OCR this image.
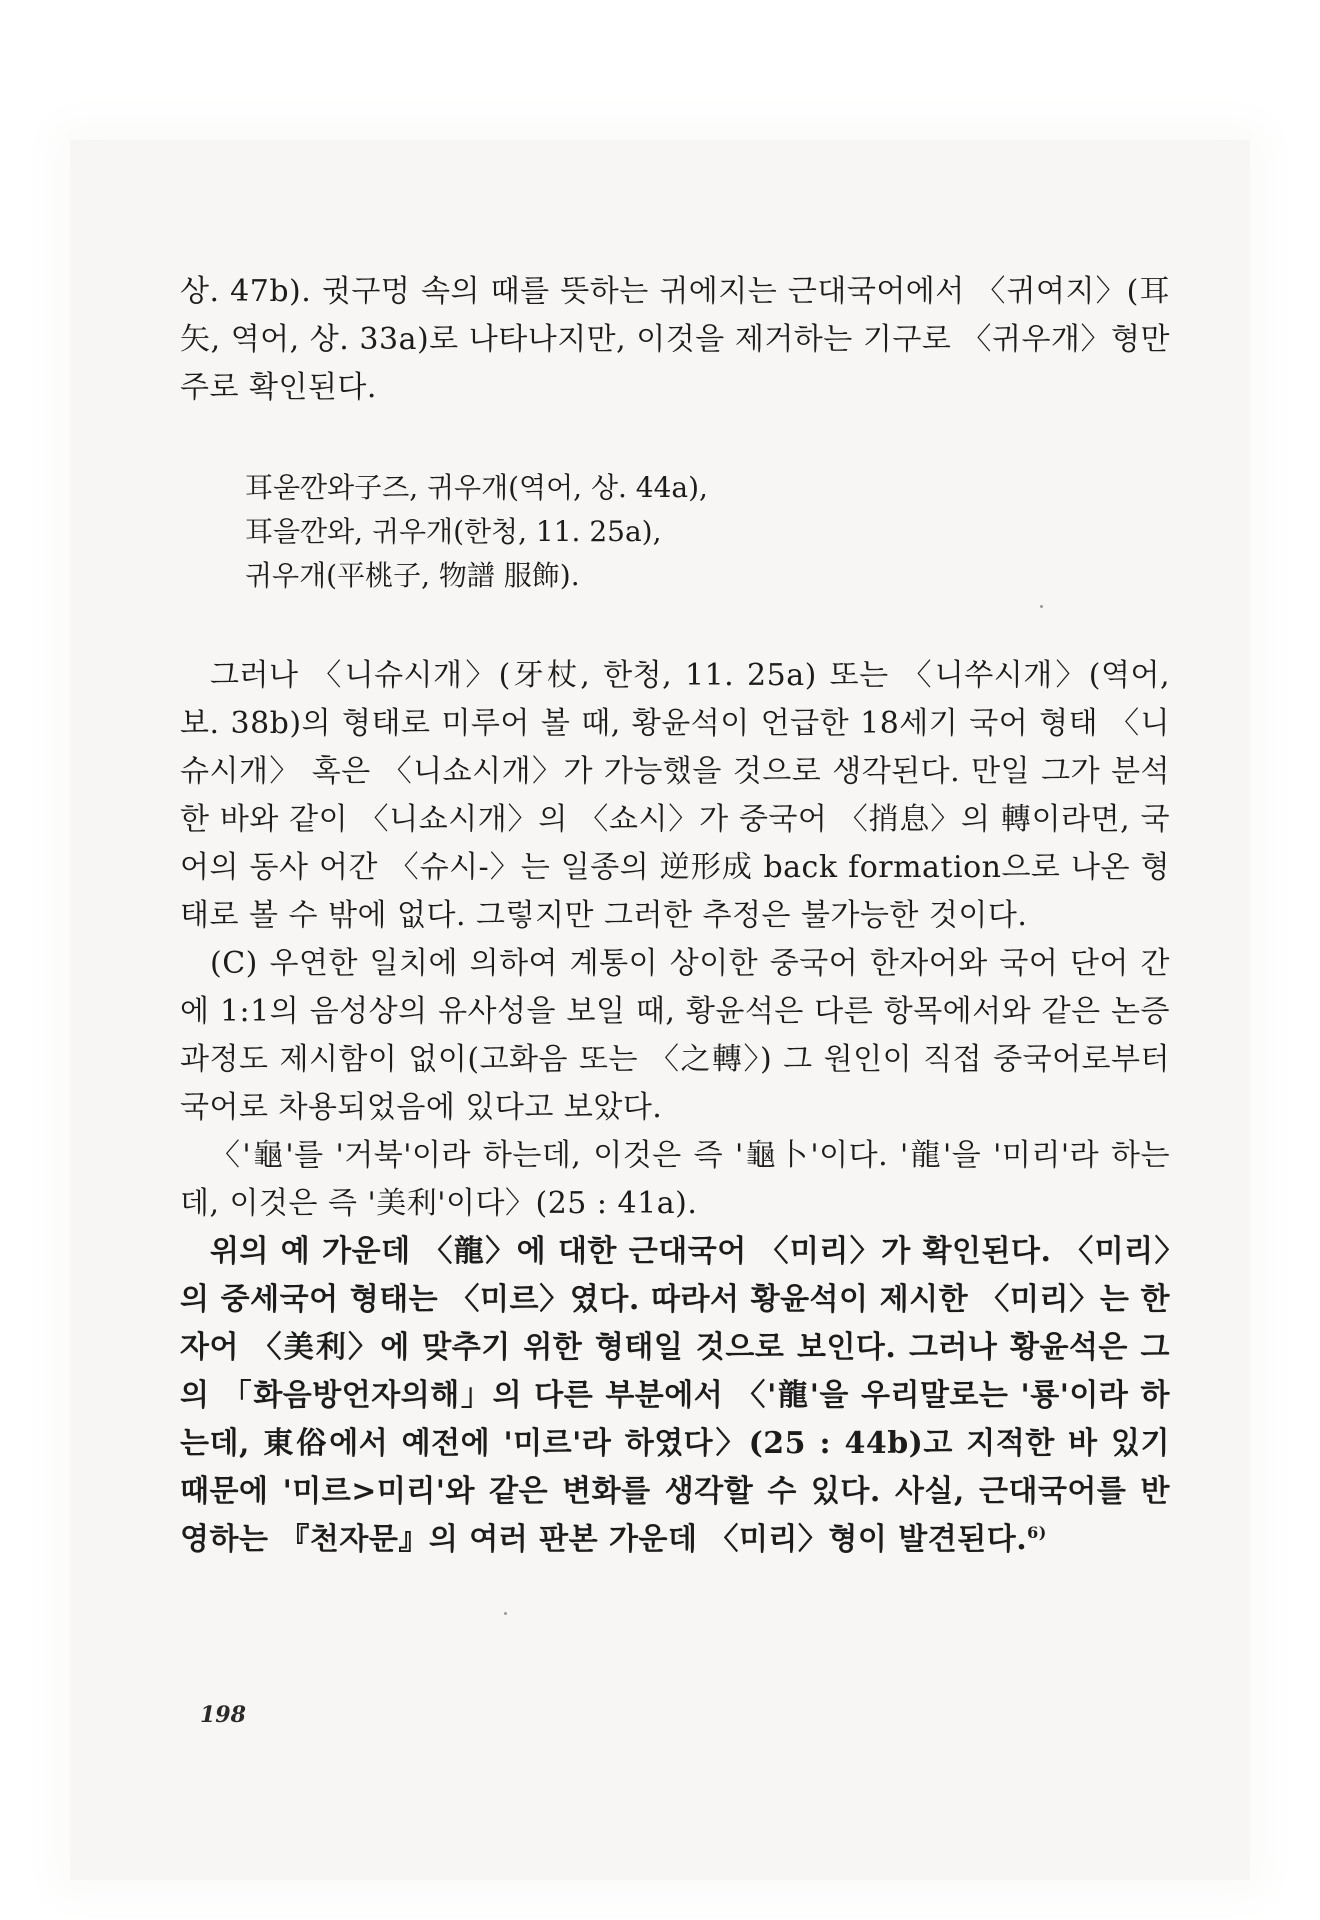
상. 47b). 귓구멍 속의 때를 뜻하는 귀에지는 근대국어에서 〈귀여지〉(耳矢, 역어, 상. 33a)로 나타나지만, 이것을 제거하는 기구로 〈귀우개〉형만 주로 확인된다.

耳욷깐와子즈, 귀우개(역어, 상. 44a),
耳을깐와, 귀우개(한청, 11. 25a),
귀우개(平桃子, 物譜 服飾).

그러나 〈니슈시개〉(牙杖, 한청, 11. 25a) 또는 〈니쑤시개〉(역어, 보. 38b)의 형태로 미루어 볼 때, 황윤석이 언급한 18세기 국어 형태 〈니슈시개〉 혹은 〈니쇼시개〉가 가능했을 것으로 생각된다. 만일 그가 분석한 바와 같이 〈니쇼시개〉의 〈쇼시〉가 중국어 〈捎息〉의 轉이라면, 국어의 동사 어간 〈슈시-〉는 일종의 逆形成 back formation으로 나온 형태로 볼 수 밖에 없다. 그렇지만 그러한 추정은 불가능한 것이다.

(C) 우연한 일치에 의하여 계통이 상이한 중국어 한자어와 국어 단어 간에 1:1의 음성상의 유사성을 보일 때, 황윤석은 다른 항목에서와 같은 논증 과정도 제시함이 없이(고화음 또는 〈之轉〉) 그 원인이 직접 중국어로부터 국어로 차용되었음에 있다고 보았다.

〈'龜'를 '거북'이라 하는데, 이것은 즉 '龜卜'이다. '龍'을 '미리'라 하는데, 이것은 즉 '美利'이다〉(25 : 41a).

위의 예 가운데 〈龍〉에 대한 근대국어 〈미리〉가 확인된다. 〈미리〉의 중세국어 형태는 〈미르〉였다. 따라서 황윤석이 제시한 〈미리〉는 한자어 〈美利〉에 맞추기 위한 형태일 것으로 보인다. 그러나 황윤석은 그의 「화음방언자의해」의 다른 부분에서 〈'龍'을 우리말로는 '룡'이라 하는데, 東俗에서 예전에 '미르'라 하였다〉(25 : 44b)고 지적한 바 있기 때문에 '미르>미리'와 같은 변화를 생각할 수 있다. 사실, 근대국어를 반영하는 『천자문』의 여러 판본 가운데 〈미리〉형이 발견된다.$^{6)}$

198
